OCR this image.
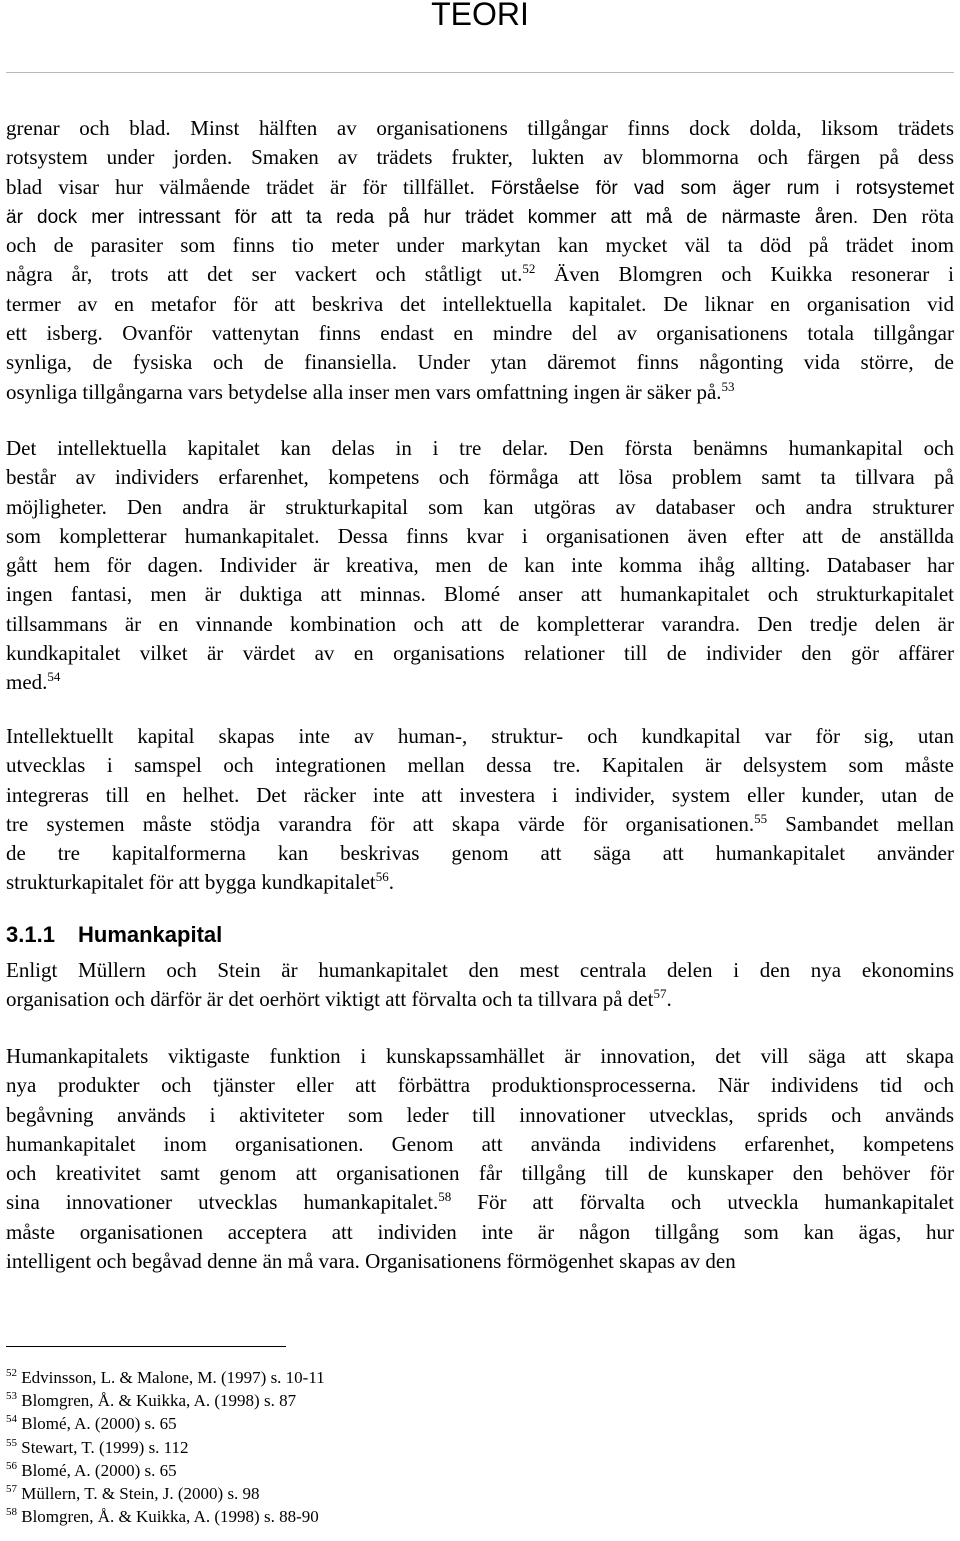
TEORI
grenar och blad. Minst hälften av organisationens tillgångar finns dock dolda, liksom trädets
rotsystem under jorden. Smaken av trädets frukter, lukten av blommorna och färgen på dess
blad visar hur välmående trädet är för tillfället. Förståelse för vad som äger rum i rotsystemet
är dock mer intressant för att ta reda på hur trädet kommer att må de närmaste åren. Den röta
och de parasiter som finns tio meter under markytan kan mycket väl ta död på trädet inom
några år, trots att det ser vackert och ståtligt ut.$^{52}$ Även Blomgren och Kuikka resonerar i
termer av en metafor för att beskriva det intellektuella kapitalet. De liknar en organisation vid
ett isberg. Ovanför vattenytan finns endast en mindre del av organisationens totala tillgångar
synliga, de fysiska och de finansiella. Under ytan däremot finns någonting vida större, de
osynliga tillgångarna vars betydelse alla inser men vars omfattning ingen är säker på.$^{53}$
Det intellektuella kapitalet kan delas in i tre delar. Den första benämns humankapital och
består av individers erfarenhet, kompetens och förmåga att lösa problem samt ta tillvara på
möjligheter. Den andra är strukturkapital som kan utgöras av databaser och andra strukturer
som kompletterar humankapitalet. Dessa finns kvar i organisationen även efter att de anställda
gått hem för dagen. Individer är kreativa, men de kan inte komma ihåg allting. Databaser har
ingen fantasi, men är duktiga att minnas. Blomé anser att humankapitalet och strukturkapitalet
tillsammans är en vinnande kombination och att de kompletterar varandra. Den tredje delen är
kundkapitalet vilket är värdet av en organisations relationer till de individer den gör affärer
med.$^{54}$
Intellektuellt kapital skapas inte av human-, struktur- och kundkapital var för sig, utan
utvecklas i samspel och integrationen mellan dessa tre. Kapitalen är delsystem som måste
integreras till en helhet. Det räcker inte att investera i individer, system eller kunder, utan de
tre systemen måste stödja varandra för att skapa värde för organisationen.$^{55}$ Sambandet mellan
de tre kapitalformerna kan beskrivas genom att säga att humankapitalet använder
strukturkapitalet för att bygga kundkapitalet$^{56}$.
Enligt Müllern och Stein är humankapitalet den mest centrala delen i den nya ekonomins
organisation och därför är det oerhört viktigt att förvalta och ta tillvara på $\det^{57}$.
Humankapitalets viktigaste funktion i kunskapssamhället är innovation, det vill säga att skapa
nya produkter och tjänster eller att förbättra produktionsprocesserna. När individens tid och
begåvning används i aktiviteter som leder till innovationer utvecklas, sprids och används
humankapitalet inom organisationen. Genom att använda individens erfarenhet, kompetens
och kreativitet samt genom att organisationen får tillgång till de kunskaper den behöver för
sina innovationer utvecklas humankapitalet.$^{58}$ För att förvalta och utveckla humankapitalet
måste organisationen acceptera att individen inte är någon tillgång som kan ägas, hur
intelligent och begåvad denne än må vara. Organisationens förmögenhet skapas av den
3.1.1 Humankapital
$^{52}$ Edvinsson, L. & Malone, M. (1997) s. 10-11
$^{53}$ Blomgren, Å. & Kuikka, A. (1998) s. 87
$^{54}$ Blomé, A. (2000) s. 65
$^{55}$ Stewart, T. (1999) s. 112
$^{56}$ Blomé, A. (2000) s. 65
$^{57}$ Müllern, T. & Stein, J. (2000) s. 98
$^{58}$ Blomgren, Å. & Kuikka, A. (1998) s. 88-90
